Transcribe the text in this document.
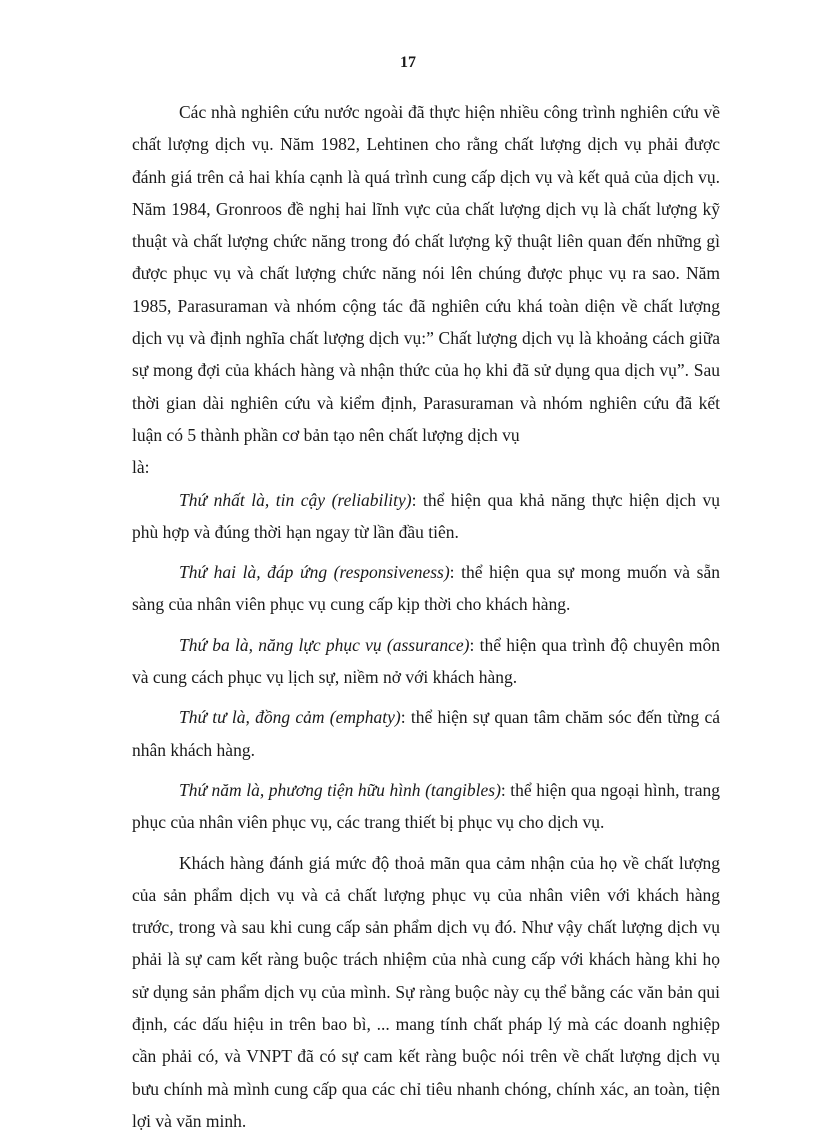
17

Các nhà nghiên cứu nước ngoài đã thực hiện nhiều công trình nghiên cứu về chất lượng dịch vụ. Năm 1982, Lehtinen cho rằng chất lượng dịch vụ phải được đánh giá trên cả hai khía cạnh là quá trình cung cấp dịch vụ và kết quả của dịch vụ. Năm 1984, Gronroos đề nghị hai lĩnh vực của chất lượng dịch vụ là chất lượng kỹ thuật và chất lượng chức năng trong đó chất lượng kỹ thuật liên quan đến những gì được phục vụ và chất lượng chức năng nói lên chúng được phục vụ ra sao. Năm 1985, Parasuraman và nhóm cộng tác đã nghiên cứu khá toàn diện về chất lượng dịch vụ và định nghĩa chất lượng dịch vụ:” Chất lượng dịch vụ là khoảng cách giữa sự mong đợi của khách hàng và nhận thức của họ khi đã sử dụng qua dịch vụ”. Sau thời gian dài nghiên cứu và kiểm định, Parasuraman và nhóm nghiên cứu đã kết luận có 5 thành phần cơ bản tạo nên chất lượng dịch vụ

là:

Thứ nhất là, tin cậy (reliability): thể hiện qua khả năng thực hiện dịch vụ phù hợp và đúng thời hạn ngay từ lần đầu tiên.

Thứ hai là, đáp ứng (responsiveness): thể hiện qua sự mong muốn và sẵn sàng của nhân viên phục vụ cung cấp kịp thời cho khách hàng.

Thứ ba là, năng lực phục vụ (assurance): thể hiện qua trình độ chuyên môn và cung cách phục vụ lịch sự, niềm nở với khách hàng.

Thứ tư là, đồng cảm (emphaty): thể hiện sự quan tâm chăm sóc đến từng cá nhân khách hàng.

Thứ năm là, phương tiện hữu hình (tangibles): thể hiện qua ngoại hình, trang phục của nhân viên phục vụ, các trang thiết bị phục vụ cho dịch vụ.

Khách hàng đánh giá mức độ thoả mãn qua cảm nhận của họ về chất lượng của sản phẩm dịch vụ và cả chất lượng phục vụ của nhân viên với khách hàng trước, trong và sau khi cung cấp sản phẩm dịch vụ đó. Như vậy chất lượng dịch vụ phải là sự cam kết ràng buộc trách nhiệm của nhà cung cấp với khách hàng khi họ sử dụng sản phẩm dịch vụ của mình. Sự ràng buộc này cụ thể bằng các văn bản qui định, các dấu hiệu in trên bao bì, ... mang tính chất pháp lý mà các doanh nghiệp cần phải có, và VNPT đã có sự cam kết ràng buộc nói trên về chất lượng dịch vụ bưu chính mà mình cung cấp qua các chỉ tiêu nhanh chóng, chính xác, an toàn, tiện lợi và văn minh.
